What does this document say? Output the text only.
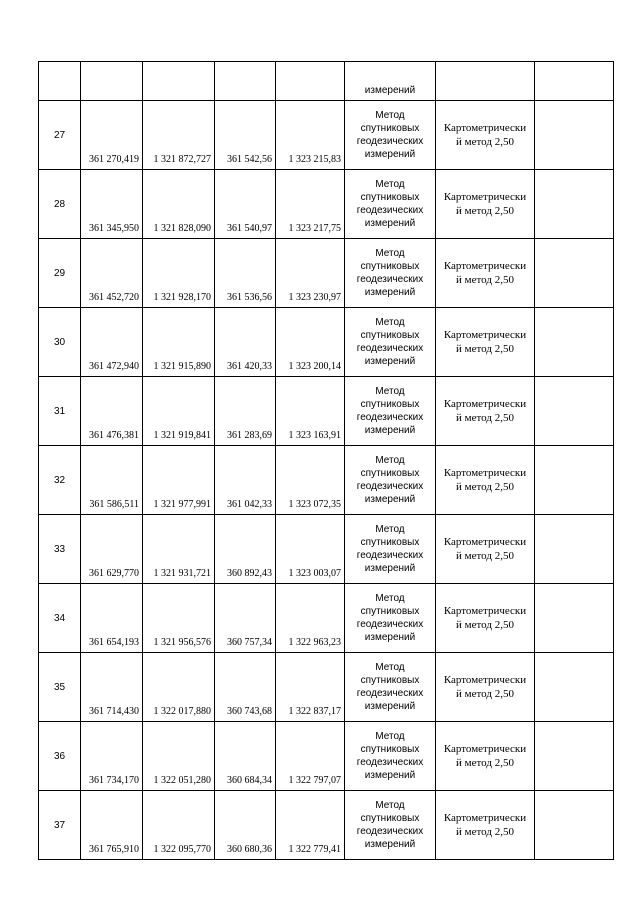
					измерений		
27	361 270,419	1 321 872,727	361 542,56	1 323 215,83	Метод
спутниковых
геодезических
измерений	Картометрически
й метод 2,50	

28	361 345,950	1 321 828,090	361 540,97	1 323 217,75	Метод
спутниковых
геодезических
измерений	Картометрически
й метод 2,50	

29	361 452,720	1 321 928,170	361 536,56	1 323 230,97	Метод
спутниковых
геодезических
измерений	Картометрически
й метод 2,50	

30	361 472,940	1 321 915,890	361 420,33	1 323 200,14	Метод
спутниковых
геодезических
измерений	Картометрически
й метод 2,50	

31	361 476,381	1 321 919,841	361 283,69	1 323 163,91	Метод
спутниковых
геодезических
измерений	Картометрически
й метод 2,50	

32	361 586,511	1 321 977,991	361 042,33	1 323 072,35	Метод
спутниковых
геодезических
измерений	Картометрически
й метод 2,50	

33	361 629,770	1 321 931,721	360 892,43	1 323 003,07	Метод
спутниковых
геодезических
измерений	Картометрически
й метод 2,50	

34	361 654,193	1 321 956,576	360 757,34	1 322 963,23	Метод
спутниковых
геодезических
измерений	Картометрически
й метод 2,50	

35	361 714,430	1 322 017,880	360 743,68	1 322 837,17	Метод
спутниковых
геодезических
измерений	Картометрически
й метод 2,50	

36	361 734,170	1 322 051,280	360 684,34	1 322 797,07	Метод
спутниковых
геодезических
измерений	Картометрически
й метод 2,50	

37	361 765,910	1 322 095,770	360 680,36	1 322 779,41	Метод
спутниковых
геодезических
измерений	Картометрически
й метод 2,50	
